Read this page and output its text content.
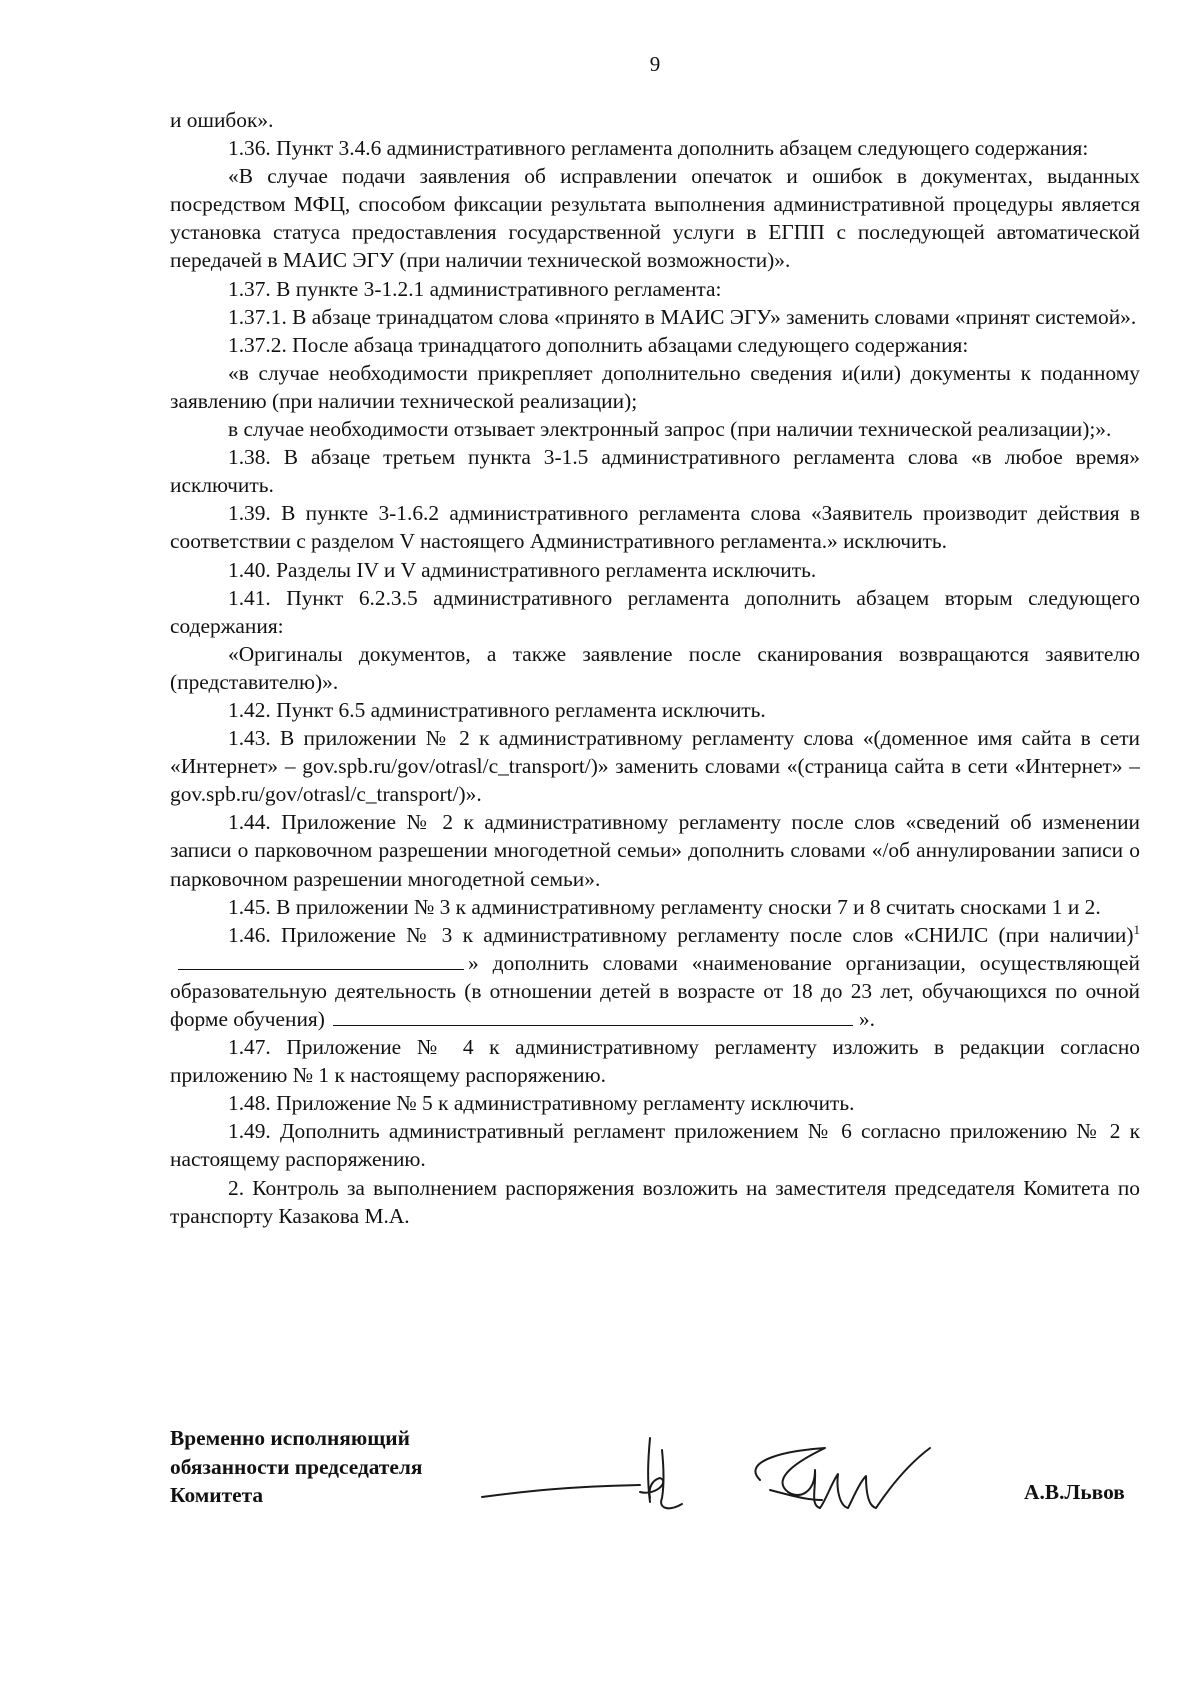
9

и ошибок».

1.36. Пункт 3.4.6 административного регламента дополнить абзацем следующего содержания:

«В случае подачи заявления об исправлении опечаток и ошибок в документах, выданных посредством МФЦ, способом фиксации результата выполнения административной процедуры является установка статуса предоставления государственной услуги в ЕГПП с последующей автоматической передачей в МАИС ЭГУ (при наличии технической возможности)».

1.37. В пункте 3-1.2.1 административного регламента:

1.37.1. В абзаце тринадцатом слова «принято в МАИС ЭГУ» заменить словами «принят системой».

1.37.2. После абзаца тринадцатого дополнить абзацами следующего содержания:

«в случае необходимости прикрепляет дополнительно сведения и(или) документы к поданному заявлению (при наличии технической реализации);

в случае необходимости отзывает электронный запрос (при наличии технической реализации);».

1.38. В абзаце третьем пункта 3-1.5 административного регламента слова «в любое время» исключить.

1.39. В пункте 3-1.6.2 административного регламента слова «Заявитель производит действия в соответствии с разделом V настоящего Административного регламента.» исключить.

1.40. Разделы IV и V административного регламента исключить.

1.41. Пункт 6.2.3.5 административного регламента дополнить абзацем вторым следующего содержания:

«Оригиналы документов, а также заявление после сканирования возвращаются заявителю (представителю)».

1.42. Пункт 6.5 административного регламента исключить.

1.43. В приложении № 2 к административному регламенту слова «(доменное имя сайта в сети «Интернет» – gov.spb.ru/gov/otrasl/c_transport/)» заменить словами «(страница сайта в сети «Интернет» – gov.spb.ru/gov/otrasl/c_transport/)».

1.44. Приложение № 2 к административному регламенту после слов «сведений об изменении записи о парковочном разрешении многодетной семьи» дополнить словами «/об аннулировании записи о парковочном разрешении многодетной семьи».

1.45. В приложении № 3 к административному регламенту сноски 7 и 8 считать сносками 1 и 2.

1.46. Приложение № 3 к административному регламенту после слов «СНИЛС (при наличии)$^1$» дополнить словами «наименование организации, осуществляющей образовательную деятельность (в отношении детей в возрасте от 18 до 23 лет, обучающихся по очной форме обучения)	».

1.47. Приложение № 4 к административному регламенту изложить в редакции согласно приложению № 1 к настоящему распоряжению.

1.48. Приложение № 5 к административному регламенту исключить.

1.49. Дополнить административный регламент приложением № 6 согласно приложению № 2 к настоящему распоряжению.

2. Контроль за выполнением распоряжения возложить на заместителя председателя Комитета по транспорту Казакова М.А.

Временно исполняющий
обязанности председателя
Комитета	А.В.Львов
